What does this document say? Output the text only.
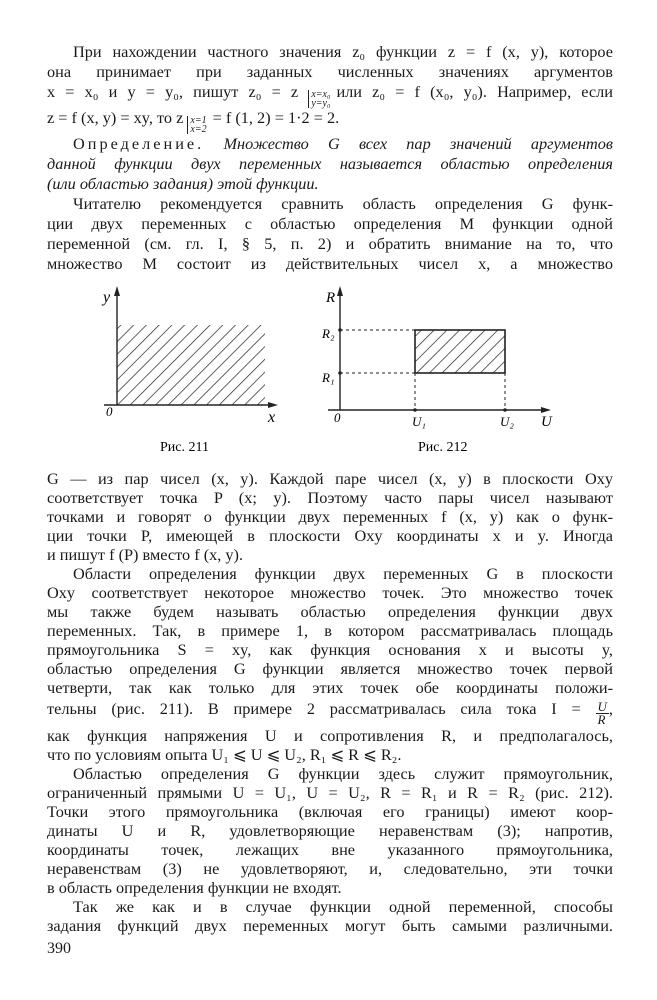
При нахождении частного значения z₀ функции z = f (x, y), которое
она принимает при заданных численных значениях аргументов
x = x₀ и y = y₀, пишут z₀ = z x=x₀
y=y₀
или z₀ = f (x₀, y₀). Например, если
z = f (x, y) = xy, то z x=1
x=2
= f (1, 2) = 1·2 = 2.
Определение. Множество G всех пар значений аргументов
данной функции двух переменных называется областью определения
(или областью задания) этой функции.
Читателю рекомендуется сравнить область определения G функ-
ции двух переменных с областью определения M функции одной
переменной (см. гл. I, § 5, п. 2) и обратить внимание на то, что
множество M состоит из действительных чисел x, а множество
y
0	x
Рис. 211
R
R₂
R₁
0	U₁	U₂ U
Рис. 212
G — из пар чисел (x, y). Каждой паре чисел (x, y) в плоскости Oxy
соответствует точка P (x; y). Поэтому часто пары чисел называют
точками и говорят о функции двух переменных f (x, y) как о функ-
ции точки P, имеющей в плоскости Oxy координаты x и y. Иногда
и пишут f (P) вместо f (x, y).
Области определения функции двух переменных G в плоскости
Oxy соответствует некоторое множество точек. Это множество точек
мы также будем называть областью определения функции двух
переменных. Так, в примере 1, в котором рассматривалась площадь
прямоугольника S = xy, как функция основания x и высоты y,
областью определения G функции является множество точек первой
четверти, так как только для этих точек обе координаты положи-
тельны (рис. 211). В примере 2 рассматривалась сила тока $I = \frac{U}{R}$ ,
как функция напряжения U и сопротивления R, и предполагалось,
что по условиям опыта U₁ ⩽ U ⩽ U₂, R₁ ⩽ R ⩽ R₂.
Областью определения G функции здесь служит прямоугольник,
ограниченный прямыми U = U₁, U = U₂, R = R₁ и R = R₂ (рис. 212).
Точки этого прямоугольника (включая его границы) имеют коор-
динаты U и R, удовлетворяющие неравенствам (3); напротив,
координаты точек, лежащих вне указанного прямоугольника,
неравенствам (3) не удовлетворяют, и, следовательно, эти точки
в область определения функции не входят.
Так же как и в случае функции одной переменной, способы
задания функций двух переменных могут быть самыми различными.
390
